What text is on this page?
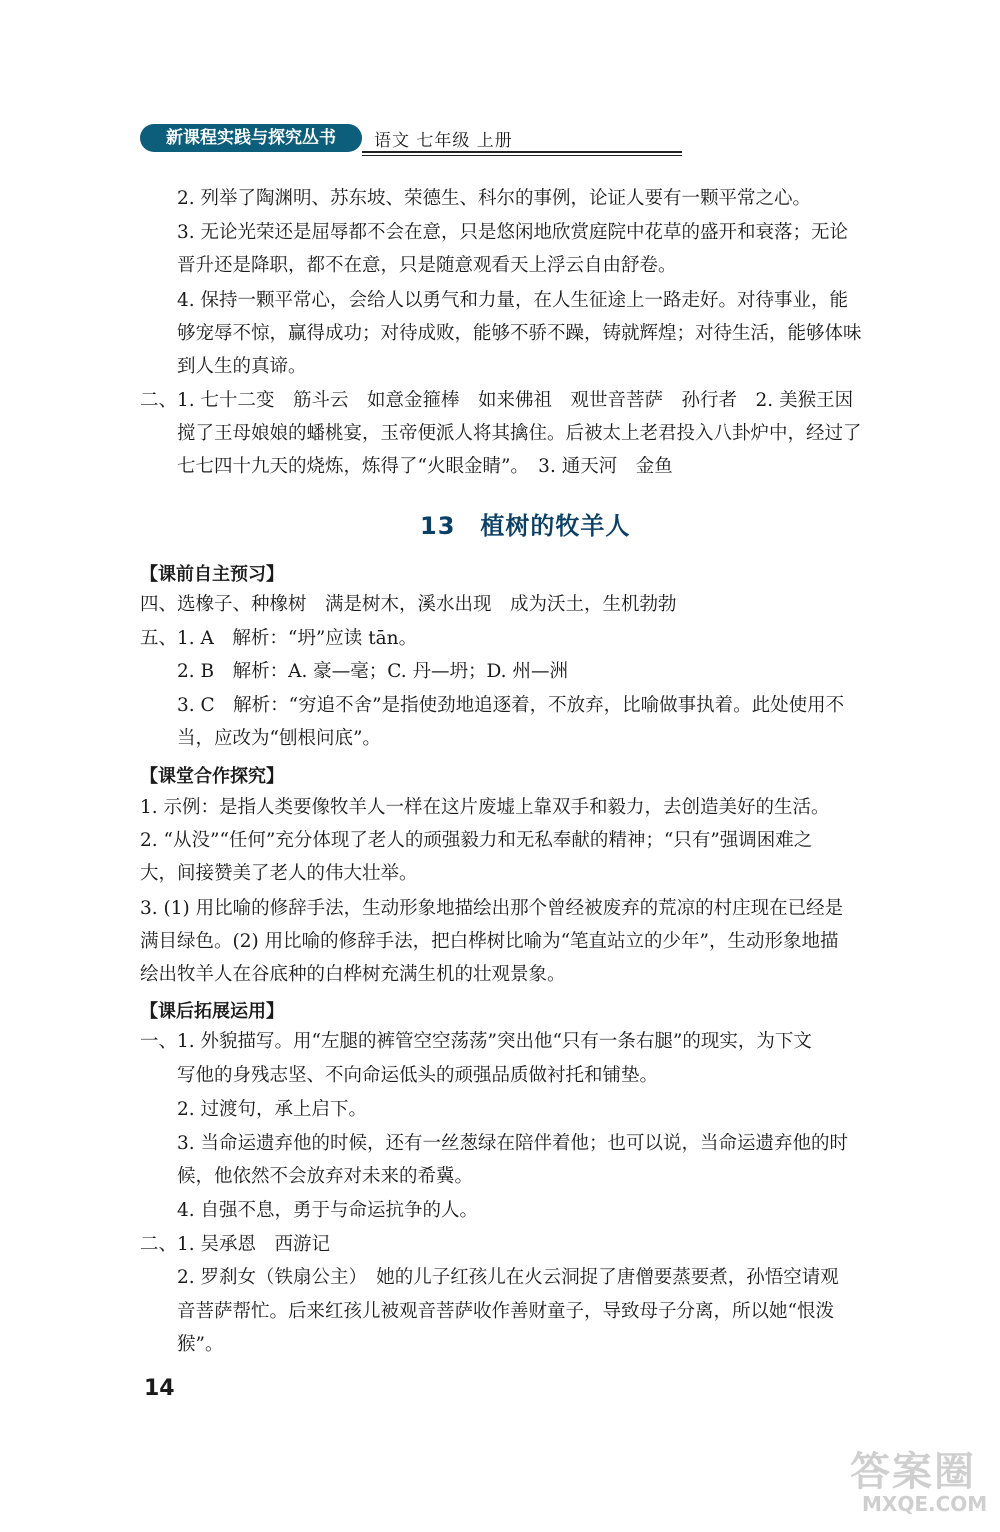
新课程实践与探究丛书	语文 七年级 上册
2. 列举了陶渊明、苏东坡、荣德生、科尔的事例，论证人要有一颗平常之心。
3. 无论光荣还是屈辱都不会在意，只是悠闲地欣赏庭院中花草的盛开和衰落；无论
晋升还是降职，都不在意，只是随意观看天上浮云自由舒卷。
4. 保持一颗平常心，会给人以勇气和力量，在人生征途上一路走好。对待事业，能
够宠辱不惊，赢得成功；对待成败，能够不骄不躁，铸就辉煌；对待生活，能够体味
到人生的真谛。
二、1. 七十二变　筋斗云　如意金箍棒　如来佛祖　观世音菩萨　孙行者　2. 美猴王因
搅了王母娘娘的蟠桃宴，玉帝便派人将其擒住。后被太上老君投入八卦炉中，经过了
七七四十九天的烧炼，炼得了“火眼金睛”。　3. 通天河　金鱼
13　植树的牧羊人
【课前自主预习】
四、选橡子、种橡树　满是树木，溪水出现　成为沃土，生机勃勃
五、1. A　解析：“坍”应读 tān。
2. B　解析：A. 豪—毫；C. 丹—坍；D. 州—洲
3. C　解析：“穷追不舍”是指使劲地追逐着，不放弃，比喻做事执着。此处使用不
当，应改为“刨根问底”。
【课堂合作探究】
1. 示例：是指人类要像牧羊人一样在这片废墟上靠双手和毅力，去创造美好的生活。
2. “从没”“任何”充分体现了老人的顽强毅力和无私奉献的精神；“只有”强调困难之
大，间接赞美了老人的伟大壮举。
3. (1) 用比喻的修辞手法，生动形象地描绘出那个曾经被废弃的荒凉的村庄现在已经是
满目绿色。(2) 用比喻的修辞手法，把白桦树比喻为“笔直站立的少年”，生动形象地描
绘出牧羊人在谷底种的白桦树充满生机的壮观景象。
【课后拓展运用】
一、1. 外貌描写。用“左腿的裤管空空荡荡”突出他“只有一条右腿”的现实，为下文
写他的身残志坚、不向命运低头的顽强品质做衬托和铺垫。
2. 过渡句，承上启下。
3. 当命运遗弃他的时候，还有一丝葱绿在陪伴着他；也可以说，当命运遗弃他的时
候，他依然不会放弃对未来的希冀。
4. 自强不息，勇于与命运抗争的人。
二、1. 吴承恩　西游记
2. 罗刹女（铁扇公主）　她的儿子红孩儿在火云洞捉了唐僧要蒸要煮，孙悟空请观
音菩萨帮忙。后来红孩儿被观音菩萨收作善财童子，导致母子分离，所以她“恨泼
猴”。
14
答案圈
MXQE.COM
